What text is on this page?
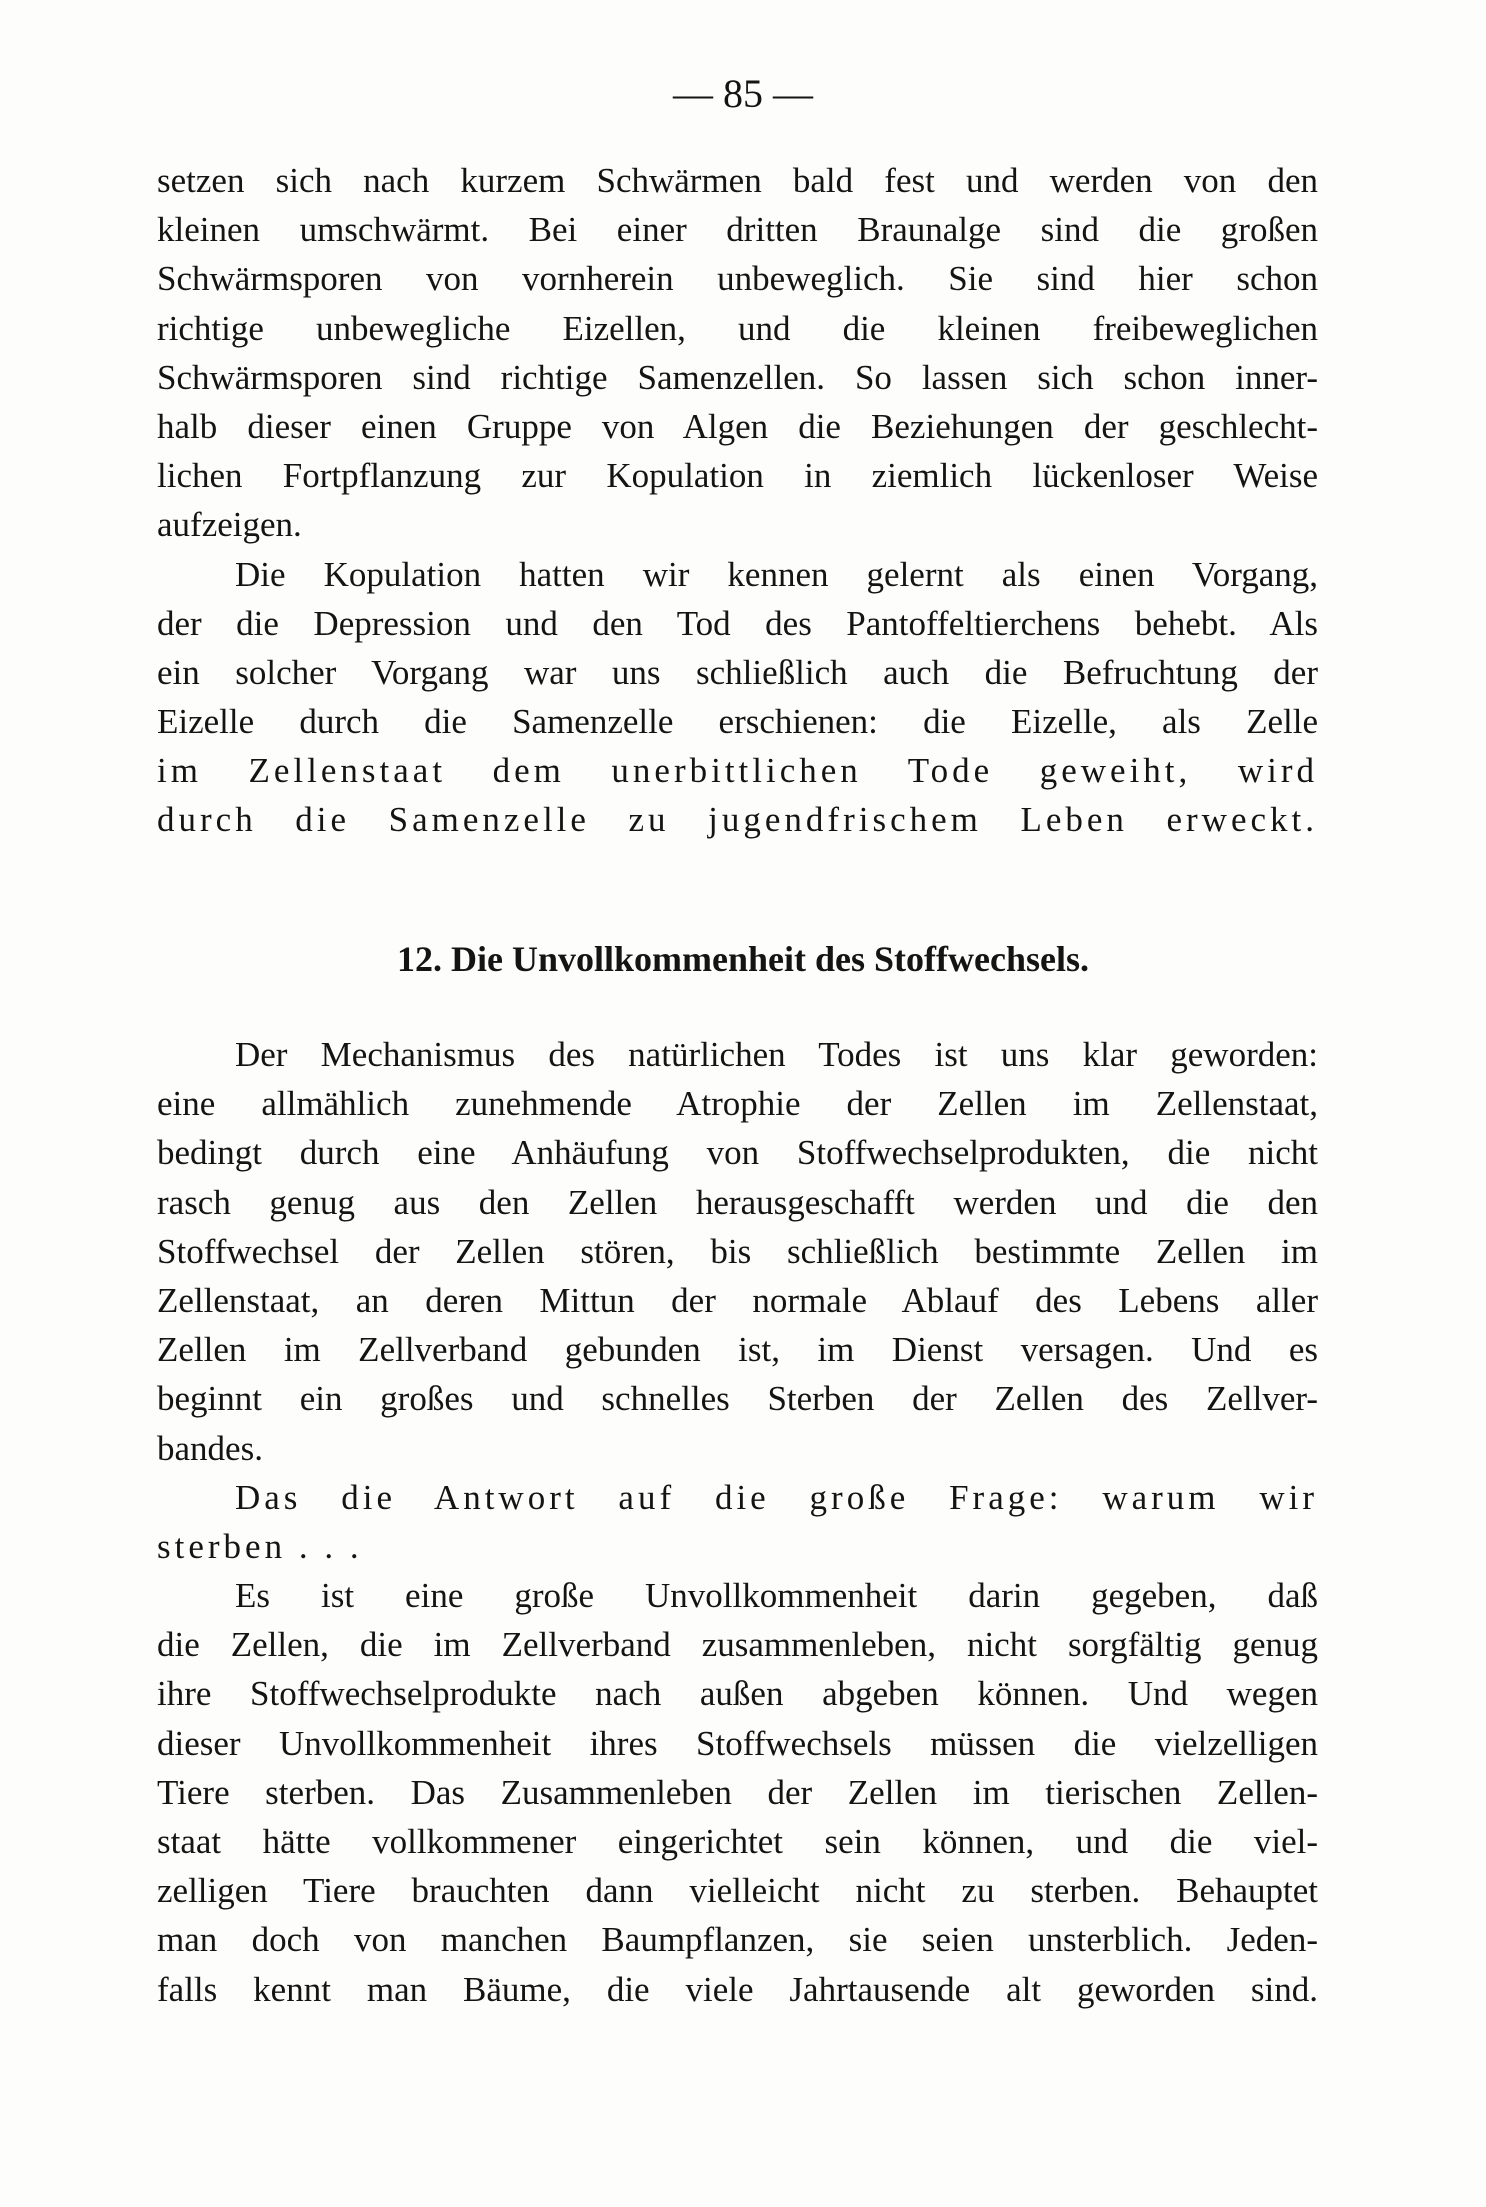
— 85 —
setzen sich nach kurzem Schwärmen bald fest und werden von den
kleinen umschwärmt. Bei einer dritten Braunalge sind die großen
Schwärmsporen von vornherein unbeweglich. Sie sind hier schon
richtige unbewegliche Eizellen, und die kleinen freibeweglichen
Schwärmsporen sind richtige Samenzellen. So lassen sich schon inner-
halb dieser einen Gruppe von Algen die Beziehungen der geschlecht-
lichen Fortpflanzung zur Kopulation in ziemlich lückenloser Weise
aufzeigen.
Die Kopulation hatten wir kennen gelernt als einen Vorgang,
der die Depression und den Tod des Pantoffeltierchens behebt. Als
ein solcher Vorgang war uns schließlich auch die Befruchtung der
Eizelle durch die Samenzelle erschienen: die Eizelle, als Zelle
im Zellenstaat dem unerbittlichen Tode geweiht, wird
durch die Samenzelle zu jugendfrischem Leben erweckt.
12. Die Unvollkommenheit des Stoffwechsels.
Der Mechanismus des natürlichen Todes ist uns klar geworden:
eine allmählich zunehmende Atrophie der Zellen im Zellenstaat,
bedingt durch eine Anhäufung von Stoffwechselprodukten, die nicht
rasch genug aus den Zellen herausgeschafft werden und die den
Stoffwechsel der Zellen stören, bis schließlich bestimmte Zellen im
Zellenstaat, an deren Mittun der normale Ablauf des Lebens aller
Zellen im Zellverband gebunden ist, im Dienst versagen. Und es
beginnt ein großes und schnelles Sterben der Zellen des Zellver-
bandes.
Das die Antwort auf die große Frage: warum wir
sterben . . .
Es ist eine große Unvollkommenheit darin gegeben, daß
die Zellen, die im Zellverband zusammenleben, nicht sorgfältig genug
ihre Stoffwechselprodukte nach außen abgeben können. Und wegen
dieser Unvollkommenheit ihres Stoffwechsels müssen die vielzelligen
Tiere sterben. Das Zusammenleben der Zellen im tierischen Zellen-
staat hätte vollkommener eingerichtet sein können, und die viel-
zelligen Tiere brauchten dann vielleicht nicht zu sterben. Behauptet
man doch von manchen Baumpflanzen, sie seien unsterblich. Jeden-
falls kennt man Bäume, die viele Jahrtausende alt geworden sind.
